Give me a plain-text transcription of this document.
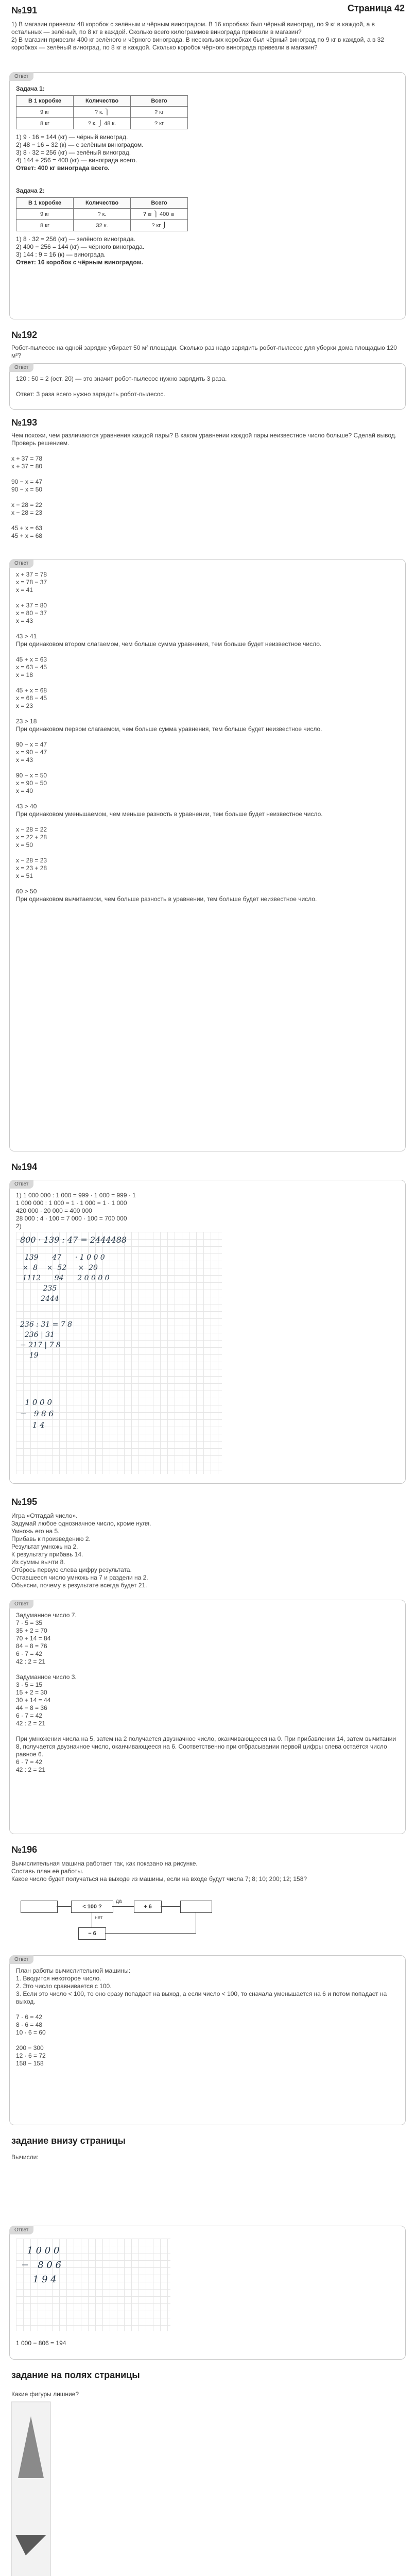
№191	Страница 42
1) В магазин привезли 48 коробок с зелёным и чёрным виноградом. В 16 коробках был чёрный виноград, по 9 кг в каждой, а в остальных — зелёный, по 8 кг в каждой. Сколько всего килограммов винограда привезли в магазин?
2) В магазин привезли 400 кг зелёного и чёрного винограда. В нескольких коробках был чёрный виноград по 9 кг в каждой, а в 32 коробках — зелёный виноград, по 8 кг в каждой. Сколько коробок чёрного винограда привезли в магазин?
Ответ
Задача 1:
В 1 коробке	Количество	Всего
9 кг	? к. ⎫	? кг
8 кг	? к. ⎭ 48 к.	? кг
1) 9 · 16 = 144 (кг) — чёрный виноград.
2) 48 − 16 = 32 (к) — с зелёным виноградом.
3) 8 · 32 = 256 (кг) — зелёный виноград.
4) 144 + 256 = 400 (кг) — винограда всего.
Ответ: 400 кг винограда всего.
Задача 2:
В 1 коробке	Количество	Всего
9 кг	? к.	? кг ⎫ 400 кг
8 кг	32 к.	? кг ⎭
1) 8 · 32 = 256 (кг) — зелёного винограда.
2) 400 − 256 = 144 (кг) — чёрного винограда.
3) 144 : 9 = 16 (к) — винограда.
Ответ: 16 коробок с чёрным виноградом.
№192
Робот-пылесос на одной зарядке убирает 50 м² площади. Сколько раз надо зарядить робот-пылесос для уборки дома площадью 120 м²?
Ответ
120 : 50 = 2 (ост. 20) — это значит робот-пылесос нужно зарядить 3 раза.

Ответ: 3 раза всего нужно зарядить робот-пылесос.
№193
Чем похожи, чем различаются уравнения каждой пары? В каком уравнении каждой пары неизвестное число больше? Сделай вывод. Проверь решением.

x + 37 = 78
x + 37 = 80

90 − x = 47
90 − x = 50

x − 28 = 22
x − 28 = 23

45 + x = 63
45 + x = 68
Ответ
x + 37 = 78
x = 78 − 37
x = 41

x + 37 = 80
x = 80 − 37
x = 43

43 > 41
При одинаковом втором слагаемом, чем больше сумма уравнения, тем больше будет неизвестное число.

45 + x = 63
x = 63 − 45
x = 18

45 + x = 68
x = 68 − 45
x = 23

23 > 18
При одинаковом первом слагаемом, чем больше сумма уравнения, тем больше будет неизвестное число.

90 − x = 47
x = 90 − 47
x = 43

90 − x = 50
x = 90 − 50
x = 40

43 > 40
При одинаковом уменьшаемом, чем меньше разность в уравнении, тем больше будет неизвестное число.

x − 28 = 22
x = 22 + 28
x = 50

x − 28 = 23
x = 23 + 28
x = 51

60 > 50
При одинаковом вычитаемом, чем больше разность в уравнении, тем больше будет неизвестное число.
№194
Ответ
1) 1 000 000 : 1 000 = 999 · 1 000 = 999 · 1
1 000 000 : 1 000 = 1 · 1 000 = 1 · 1 000
420 000 · 20 000 = 400 000
28 000 : 4 · 100 = 7 000 · 100 = 700 000
2)
800 · 139 : 47 = 2444488
139      47      · 1 0 0 0
×  8    ×  52     ×  20
1112      94      2 0 0 0 0
235
2444
236 : 31 = 7 8
236 | 31
− 217 | 7 8
19
1 0 0 0
−   9 8 6
1 4
№195
Игра «Отгадай число».
Задумай любое однозначное число, кроме нуля.
Умножь его на 5.
Прибавь к произведению 2.
Результат умножь на 2.
К результату прибавь 14.
Из суммы вычти 8.
Отбрось первую слева цифру результата.
Оставшееся число умножь на 7 и раздели на 2.
Объясни, почему в результате всегда будет 21.
Ответ
Задуманное число 7.
7 · 5 = 35
35 + 2 = 70
70 + 14 = 84
84 − 8 = 76
6 · 7 = 42
42 : 2 = 21

Задуманное число 3.
3 · 5 = 15
15 + 2 = 30
30 + 14 = 44
44 − 8 = 36
6 · 7 = 42
42 : 2 = 21

При умножении числа на 5, затем на 2 получается двузначное число, оканчивающееся на 0. При прибавлении 14, затем вычитании 8, получается двузначное число, оканчивающееся на 6. Соответственно при отбрасывании первой цифры слева остаётся число равное 6.
6 · 7 = 42
42 : 2 = 21
№196
Вычислительная машина работает так, как показано на рисунке.
Составь план её работы.
Какое число будет получаться на выходе из машины, если на входе будут числа 7; 8; 10; 200; 12; 158?
< 100 ?
да
+ 6
нет
− 6
Ответ
План работы вычислительной машины:
1. Вводится некоторое число.
2. Это число сравнивается с 100.
3. Если это число < 100, то оно сразу попадает на выход, а если число < 100, то сначала уменьшается на 6 и потом попадает на выход.

7 · 6 = 42
8 · 6 = 48
10 · 6 = 60

200 − 300
12 · 6 = 72
158 − 158
задание внизу страницы
Вычисли:
Ответ
1 0 0 0
−   8 0 6
1 9 4
1 000 − 806 = 194
задание на полях страницы
Какие фигуры лишние?
